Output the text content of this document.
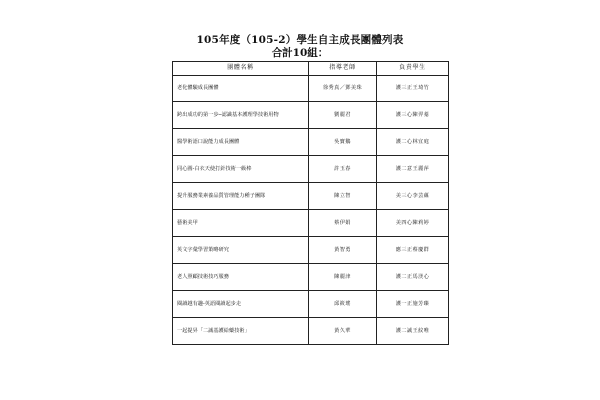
105年度（105-2）學生自主成長團體列表
合計10組：
團體名稱	指導老師	負責學生
老化體驗成長團體	徐秀真／鄧美珠	護三正王琦竹
跨出成功的第一步─認識基本護理學技術用物	劉麗君	護三心陳羿蓁
醫學術語口說能力成長團體	吳寶鵝	護二心林宜庭
同心圓-白衣天使打針技術一級棒	許玉春	護二意王麗萍
提升服務業素養品質管理能力種子團隊	陳立智	美三心李芸蘊
藝術美甲	蔡伊娟	美四心陳莉婷
英文字彙學習策略研究	黃智勇	應三正蔡慶群
老人照顧技術技巧服務	陳麗津	護二正馬渼心
閱讀越有趣-英語閱讀起步走	邱筱瑤	護一正施芳臻
一起提昇「二誠基護給藥技術」	黃久華	護二誠王紋唯
